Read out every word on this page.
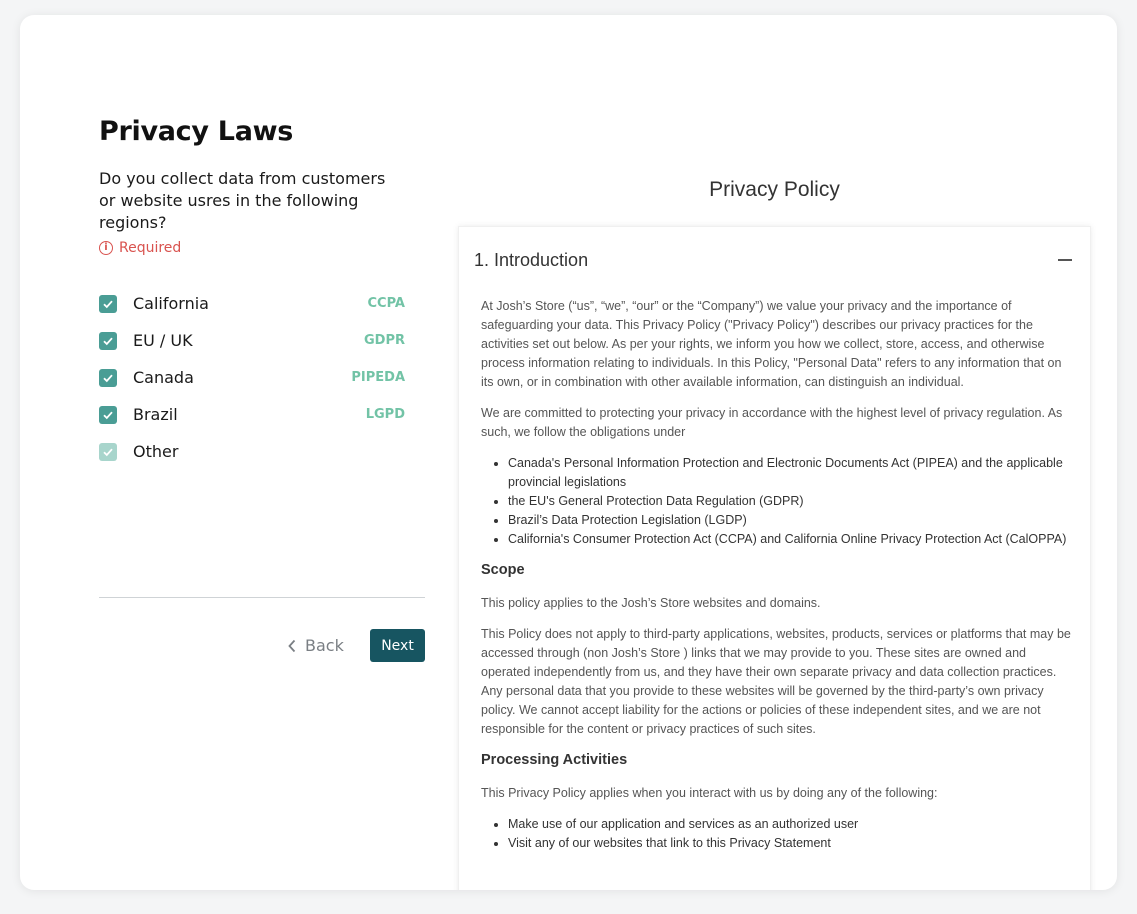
Privacy Laws
Do you collect data from customers or website usres in the following regions?
i Required
California	CCPA
EU / UK	GDPR
Canada	PIPEDA
Brazil	LGPD
Other
Back	Next
Privacy Policy
1. Introduction

At Josh’s Store (“us”, “we”, “our” or the “Company”) we value your privacy and the importance of safeguarding your data. This Privacy Policy ("Privacy Policy") describes our privacy practices for the activities set out below. As per your rights, we inform you how we collect, store, access, and otherwise process information relating to individuals. In this Policy, "Personal Data" refers to any information that on its own, or in combination with other available information, can distinguish an individual.

We are committed to protecting your privacy in accordance with the highest level of privacy regulation. As such, we follow the obligations under

• Canada's Personal Information Protection and Electronic Documents Act (PIPEA) and the applicable provincial legislations
• the EU's General Protection Data Regulation (GDPR)
• Brazil’s Data Protection Legislation (LGDP)
• California's Consumer Protection Act (CCPA) and California Online Privacy Protection Act (CalOPPA)
Scope

This policy applies to the Josh’s Store websites and domains.

This Policy does not apply to third-party applications, websites, products, services or platforms that may be accessed through (non Josh’s Store ) links that we may provide to you. These sites are owned and operated independently from us, and they have their own separate privacy and data collection practices. Any personal data that you provide to these websites will be governed by the third-party’s own privacy policy. We cannot accept liability for the actions or policies of these independent sites, and we are not responsible for the content or privacy practices of such sites.

Processing Activities

This Privacy Policy applies when you interact with us by doing any of the following:

• Make use of our application and services as an authorized user
• Visit any of our websites that link to this Privacy Statement
